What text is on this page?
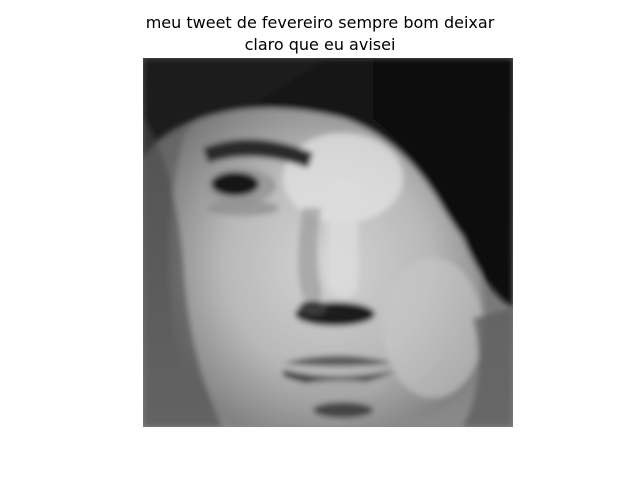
meu tweet de fevereiro sempre bom deixar
claro que eu avisei
